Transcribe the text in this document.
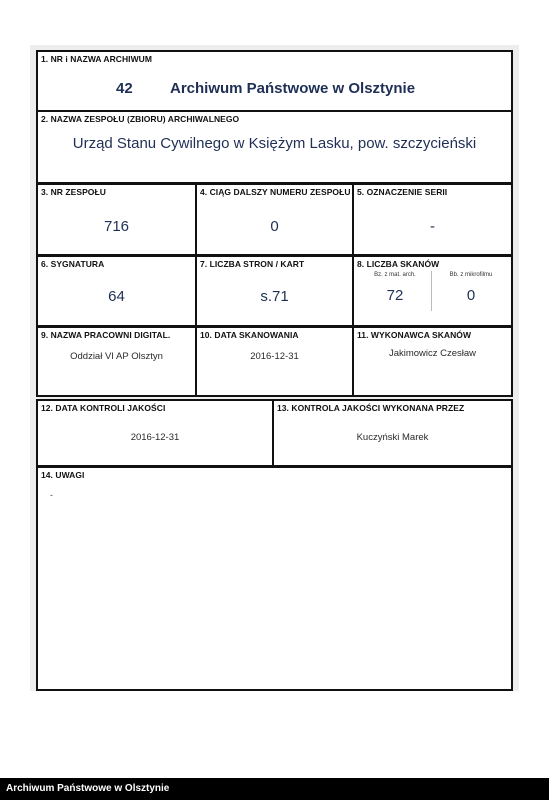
1. NR i NAZWA ARCHIWUM
42 Archiwum Państwowe w Olsztynie
2. NAZWA ZESPOŁU (ZBIORU) ARCHIWALNEGO
Urząd Stanu Cywilnego w Księżym Lasku, pow. szczycieński
3. NR ZESPOŁU
716
4. CIĄG DALSZY NUMERU ZESPOŁU
0
5. OZNACZENIE SERII
-
6. SYGNATURA
64
7. LICZBA STRON / KART
s.71
8. LICZBA SKANÓW
Bz. z mat. arch.	Bb. z mikrofilmu
72	0
9. NAZWA PRACOWNI DIGITAL.
Oddział VI AP Olsztyn
10. DATA SKANOWANIA
2016-12-31
11. WYKONAWCA SKANÓW
Jakimowicz Czesław
12. DATA KONTROLI JAKOŚCI
2016-12-31
13. KONTROLA JAKOŚCI WYKONANA PRZEZ
Kuczyński Marek
14. UWAGI
-
Archiwum Państwowe w Olsztynie
